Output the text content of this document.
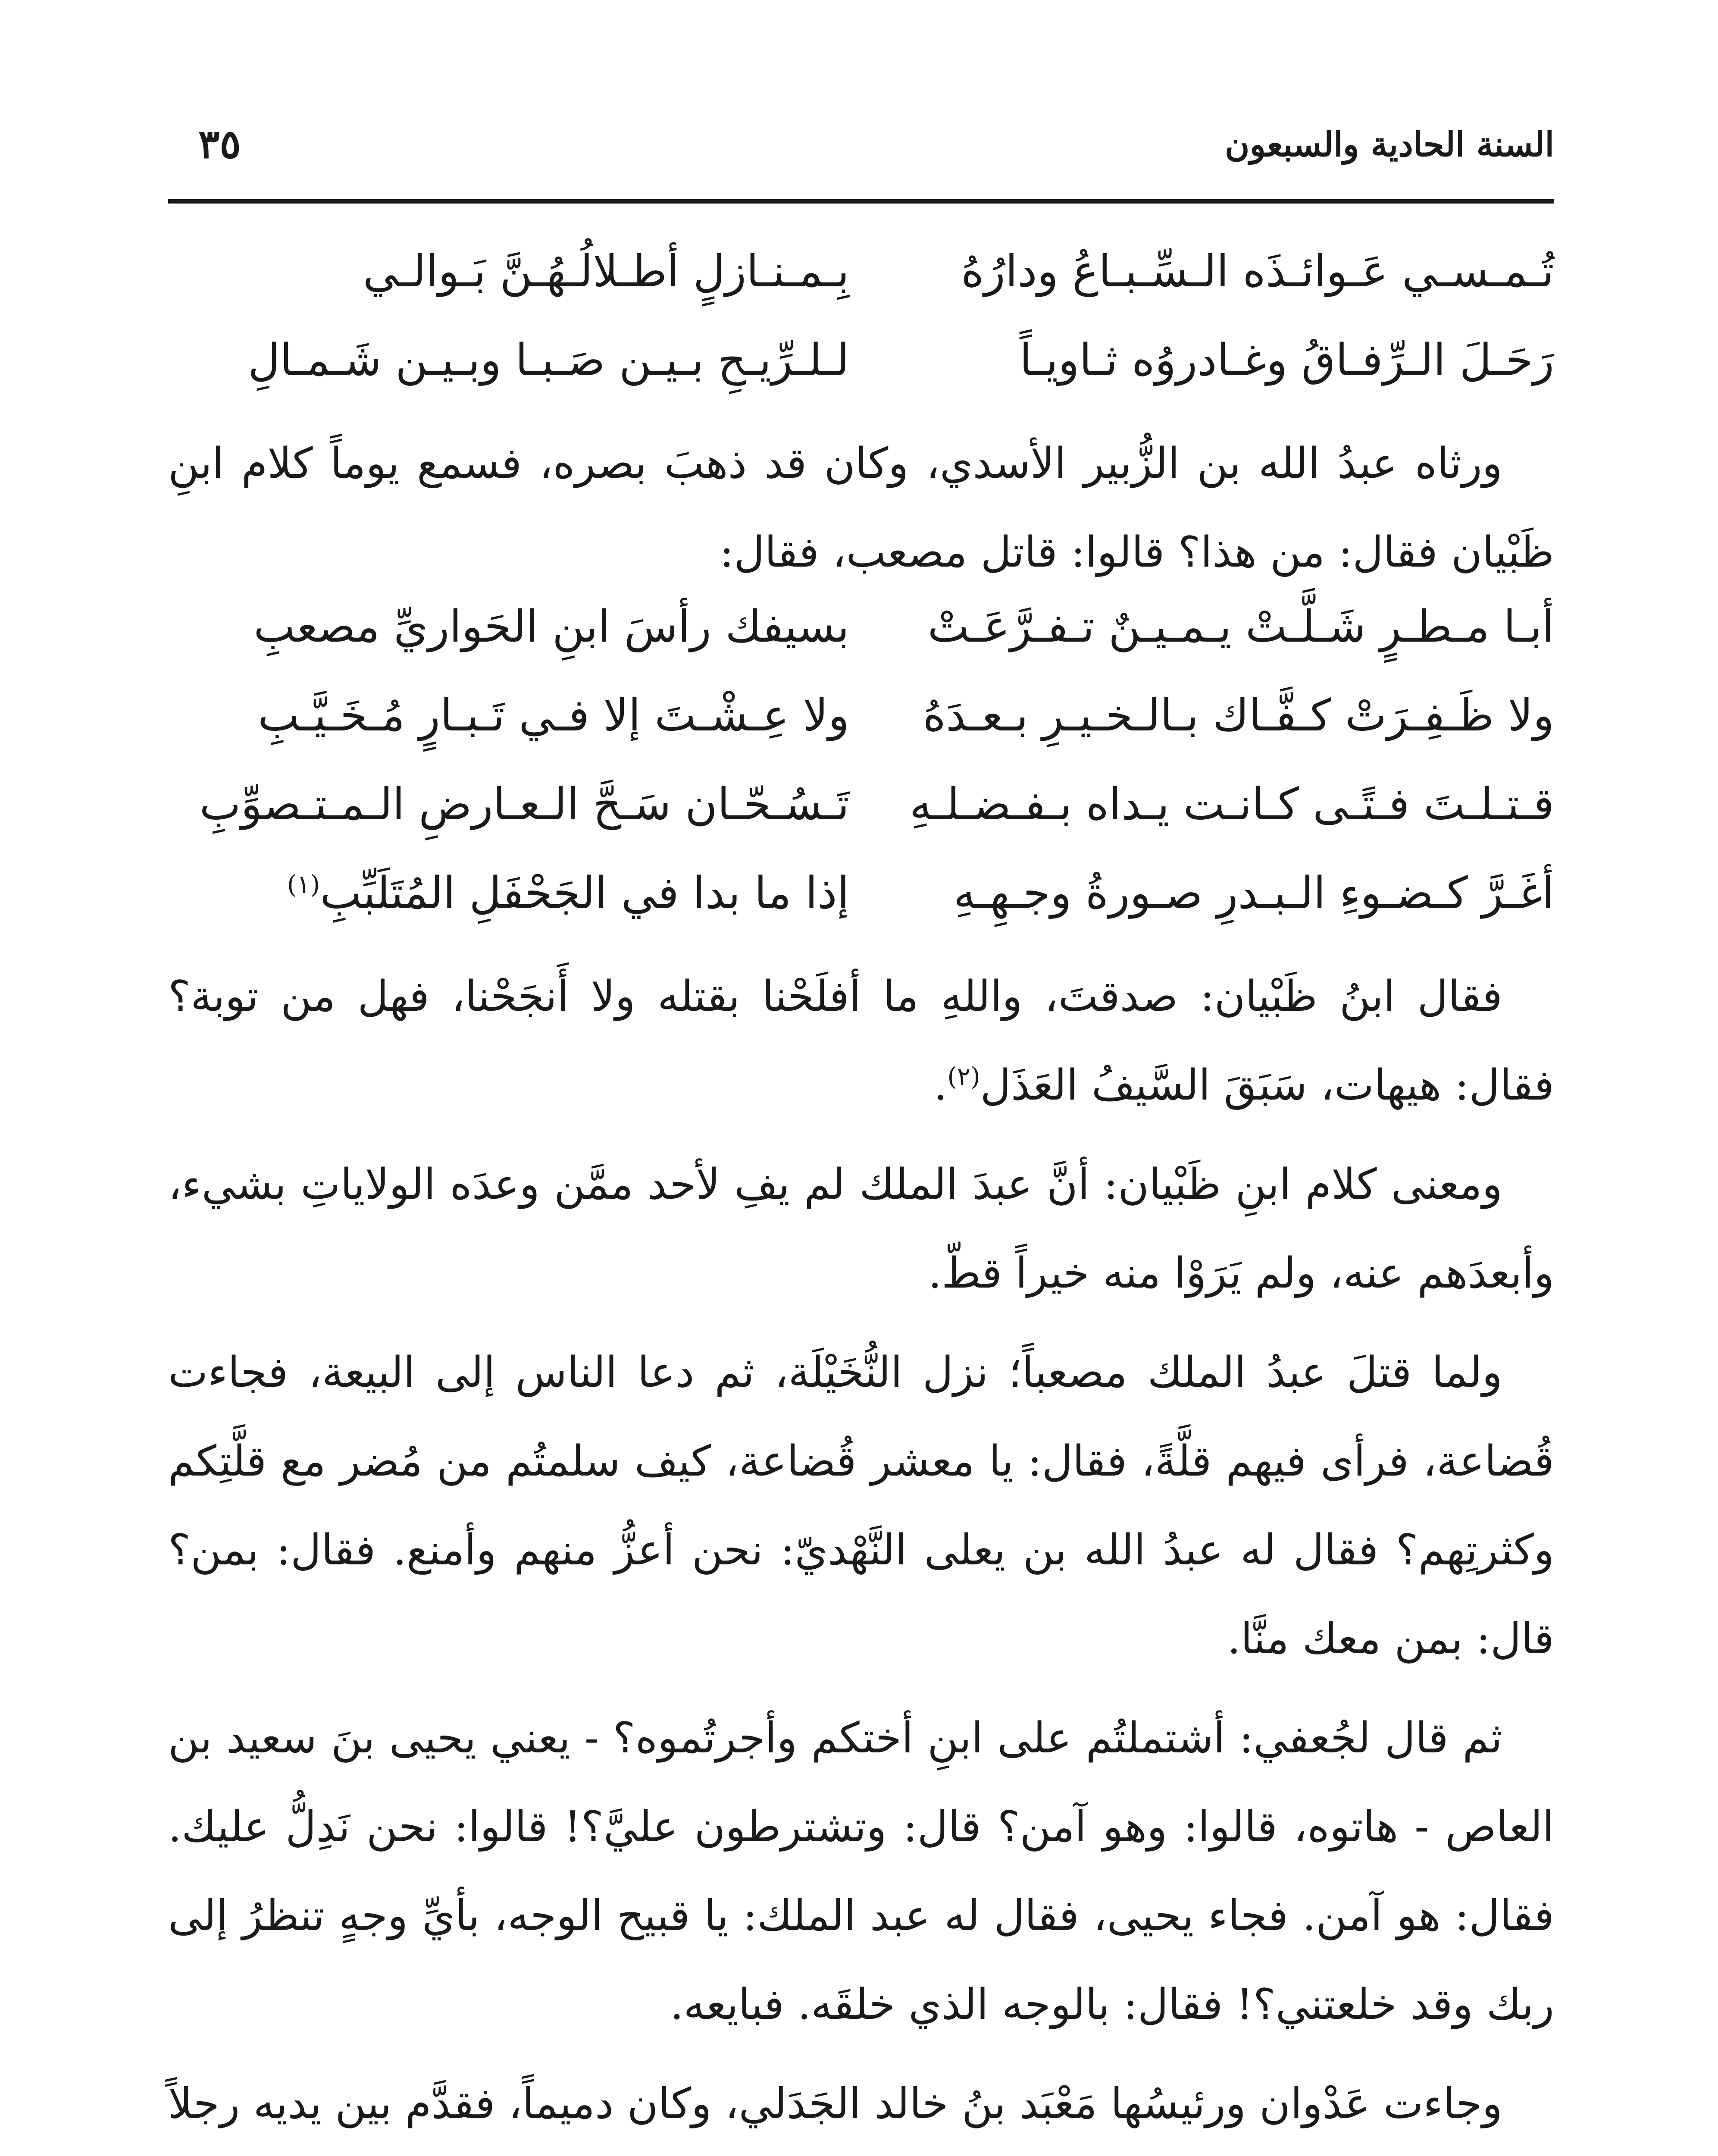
السنة الحادية والسبعون
٣٥
تُـمـسـي عَـوائـذَه الـسِّـبـاعُ ودارُهُ
بِـمـنـازلٍ أطـلالُـهُـنَّ بَـوالـي
رَحَـلَ الـرِّفـاقُ وغـادروُه ثـاويـاً
لـلـرِّيـحِ بـيـن صَـبـا وبـيـن شَـمـالِ

ورثاه عبدُ الله بن الزُّبير الأسدي، وكان قد ذهبَ بصره، فسمع يوماً كلام ابنِ ظَبْيان فقال: من هذا؟ قالوا: قاتل مصعب، فقال:

أبـا مـطـرٍ شَـلَّـتْ يـمـيـنٌ تـفـرَّعَـتْ
بسيفك رأسَ ابنِ الحَواريِّ مصعبِ
ولا ظَـفِـرَتْ كـفَّـاك بـالـخـيـرِ بـعـدَهُ
ولا عِـشْـتَ إلا فـي تَـبـارٍ مُـخَـيَّـبِ
قـتـلـتَ فـتًـى كـانـت يـداه بـفـضـلـهِ
تَـسُـحّـان سَـحَّ الـعـارضِ الـمـتـصوِّبِ
أغَـرَّ كـضـوءِ الـبـدرِ صـورةُ وجـهِـهِ
إذا ما بدا في الجَحْفَلِ المُتَلَبِّبِ$^{(١)}$

فقال ابنُ ظَبْيان: صدقتَ، واللهِ ما أفلَحْنا بقتله ولا أَنجَحْنا، فهل من توبة؟ فقال: هيهات، سَبَقَ السَّيفُ العَذَل$^{(٢)}$.

ومعنى كلام ابنِ ظَبْيان: أنَّ عبدَ الملك لم يفِ لأحد ممَّن وعدَه الولاياتِ بشيء، وأبعدَهم عنه، ولم يَرَوْا منه خيراً قطّ.

ولما قتلَ عبدُ الملك مصعباً؛ نزل النُّخَيْلَة، ثم دعا الناس إلى البيعة، فجاءت قُضاعة، فرأى فيهم قلَّةً، فقال: يا معشر قُضاعة، كيف سلمتُم من مُضر مع قلَّتِكم وكثرتِهم؟ فقال له عبدُ الله بن يعلى النَّهْديّ: نحن أعزُّ منهم وأمنع. فقال: بمن؟ قال: بمن معك منَّا.

ثم قال لجُعفي: أشتملتُم على ابنِ أختكم وأجرتُموه؟ - يعني يحيى بنَ سعيد بن العاص - هاتوه، قالوا: وهو آمن؟ قال: وتشترطون عليَّ؟! قالوا: نحن نَدِلُّ عليك. فقال: هو آمن. فجاء يحيى، فقال له عبد الملك: يا قبيح الوجه، بأيِّ وجهٍ تنظرُ إلى ربك وقد خلعتني؟! فقال: بالوجه الذي خلقَه. فبايعه.

وجاءت عَدْوان ورئيسُها مَعْبَد بنُ خالد الجَدَلي، وكان دميماً، فقدَّم بين يديه رجلاً
